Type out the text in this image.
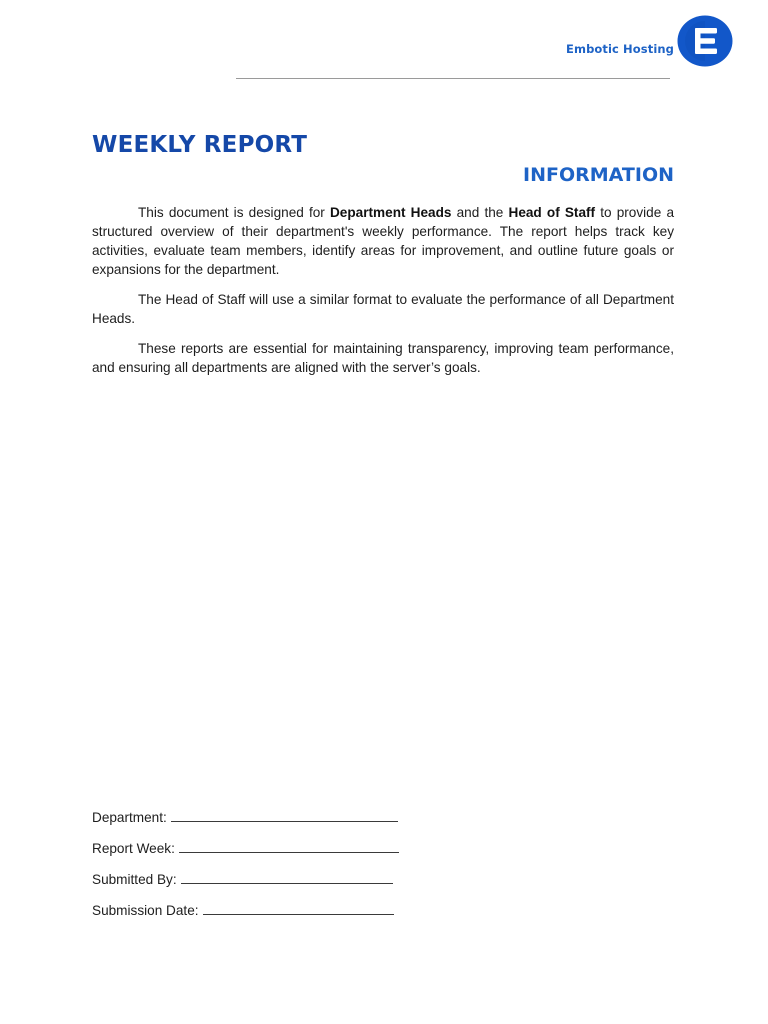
Embotic Hosting
WEEKLY REPORT
INFORMATION

This document is designed for Department Heads and the Head of Staff to provide a structured overview of their department's weekly performance. The report helps track key activities, evaluate team members, identify areas for improvement, and outline future goals or expansions for the department.

The Head of Staff will use a similar format to evaluate the performance of all Department Heads.

These reports are essential for maintaining transparency, improving team performance, and ensuring all departments are aligned with the server’s goals.

Department:
Report Week:
Submitted By:
Submission Date:
